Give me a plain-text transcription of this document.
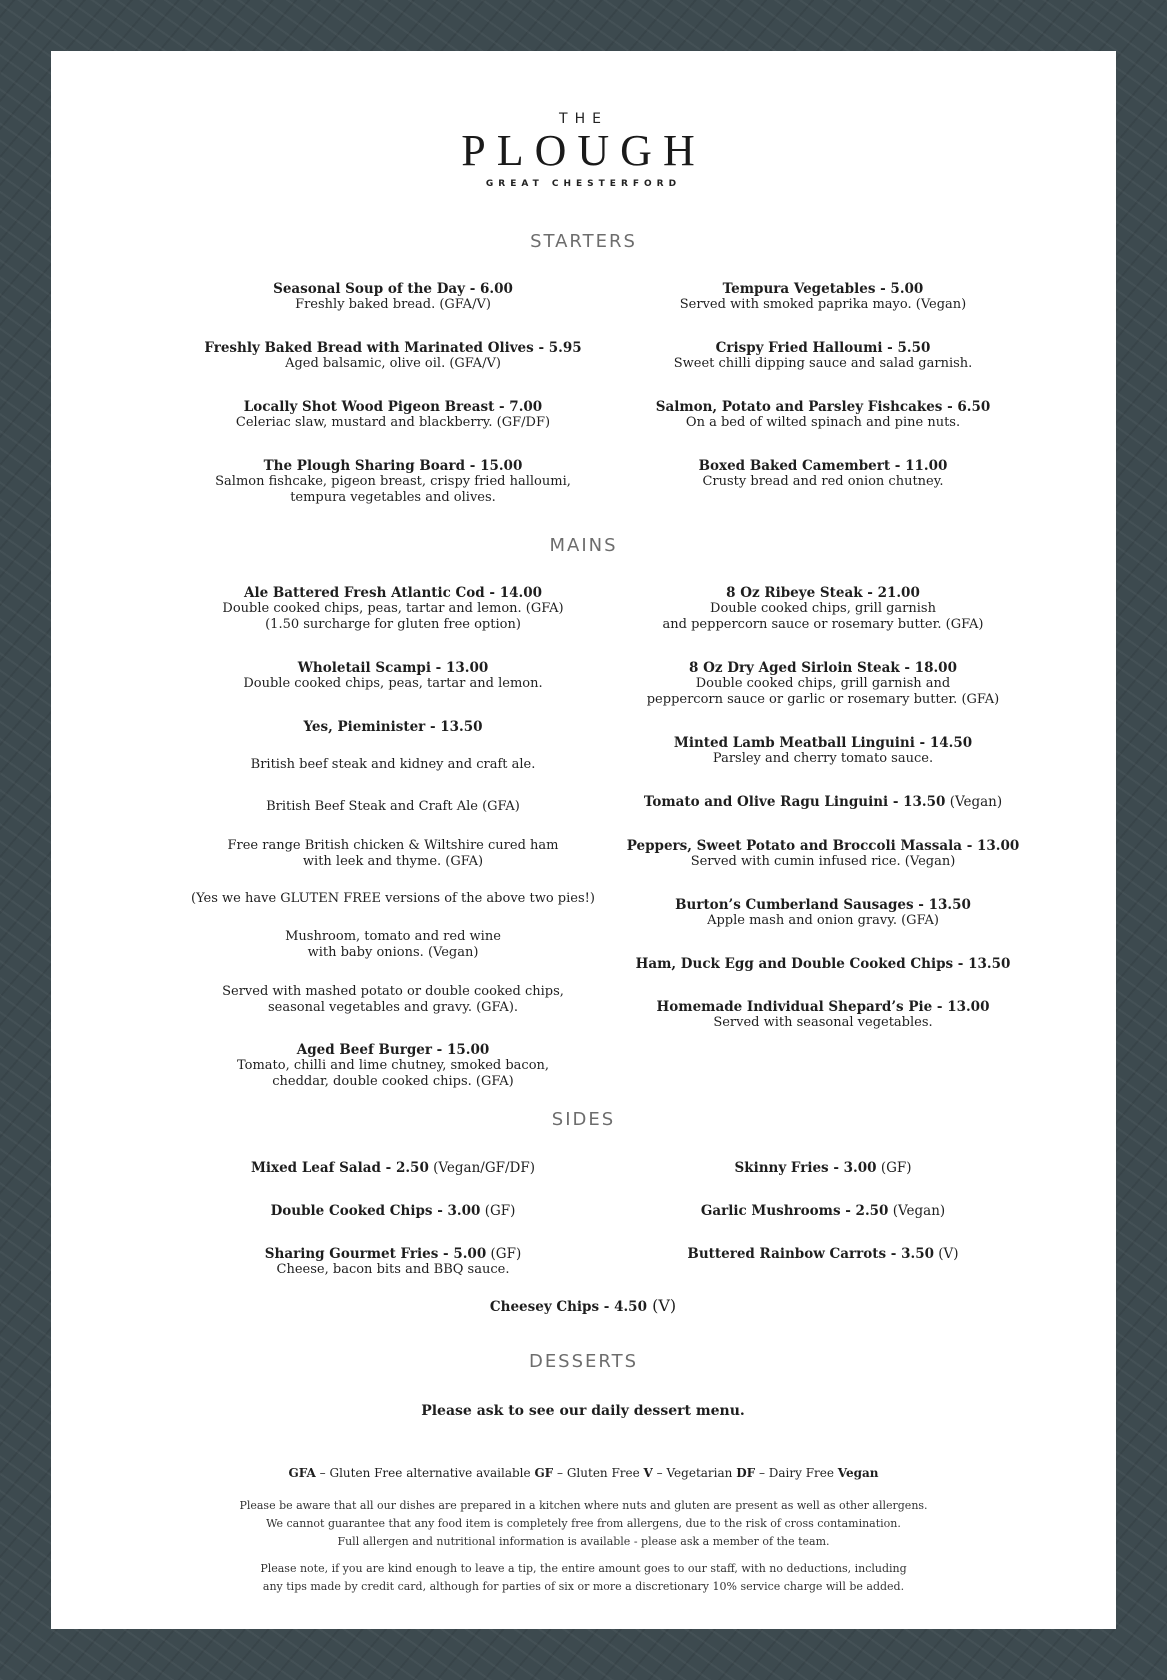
THE
PLOUGH
GREAT CHESTERFORD
STARTERS
Seasonal Soup of the Day - 6.00
Freshly baked bread. (GFA/V)
Freshly Baked Bread with Marinated Olives - 5.95
Aged balsamic, olive oil. (GFA/V)
Locally Shot Wood Pigeon Breast - 7.00
Celeriac slaw, mustard and blackberry. (GF/DF)
The Plough Sharing Board - 15.00
Salmon fishcake, pigeon breast, crispy fried halloumi,
tempura vegetables and olives.
Tempura Vegetables - 5.00
Served with smoked paprika mayo. (Vegan)
Crispy Fried Halloumi - 5.50
Sweet chilli dipping sauce and salad garnish.
Salmon, Potato and Parsley Fishcakes - 6.50
On a bed of wilted spinach and pine nuts.
Boxed Baked Camembert - 11.00
Crusty bread and red onion chutney.
MAINS
Ale Battered Fresh Atlantic Cod - 14.00
Double cooked chips, peas, tartar and lemon. (GFA)
(1.50 surcharge for gluten free option)
Wholetail Scampi - 13.00
Double cooked chips, peas, tartar and lemon.
Yes, Pieminister - 13.50
British beef steak and kidney and craft ale.
British Beef Steak and Craft Ale (GFA)
Free range British chicken & Wiltshire cured ham
with leek and thyme. (GFA)
(Yes we have GLUTEN FREE versions of the above two pies!)
Mushroom, tomato and red wine
with baby onions. (Vegan)
Served with mashed potato or double cooked chips,
seasonal vegetables and gravy. (GFA).
Aged Beef Burger - 15.00
Tomato, chilli and lime chutney, smoked bacon,
cheddar, double cooked chips. (GFA)
8 Oz Ribeye Steak - 21.00
Double cooked chips, grill garnish
and peppercorn sauce or rosemary butter. (GFA)
8 Oz Dry Aged Sirloin Steak - 18.00
Double cooked chips, grill garnish and
peppercorn sauce or garlic or rosemary butter. (GFA)
Minted Lamb Meatball Linguini - 14.50
Parsley and cherry tomato sauce.
Tomato and Olive Ragu Linguini - 13.50 (Vegan)
Peppers, Sweet Potato and Broccoli Massala - 13.00
Served with cumin infused rice. (Vegan)
Burton’s Cumberland Sausages - 13.50
Apple mash and onion gravy. (GFA)
Ham, Duck Egg and Double Cooked Chips - 13.50
Homemade Individual Shepard’s Pie - 13.00
Served with seasonal vegetables.
SIDES
Mixed Leaf Salad - 2.50 (Vegan/GF/DF)
Double Cooked Chips - 3.00 (GF)
Sharing Gourmet Fries - 5.00 (GF)
Cheese, bacon bits and BBQ sauce.
Skinny Fries - 3.00 (GF)
Garlic Mushrooms - 2.50 (Vegan)
Buttered Rainbow Carrots - 3.50 (V)
Cheesey Chips - 4.50 (V)
DESSERTS
Please ask to see our daily dessert menu.
GFA – Gluten Free alternative available GF – Gluten Free V – Vegetarian DF – Dairy Free Vegan
Please be aware that all our dishes are prepared in a kitchen where nuts and gluten are present as well as other allergens.
We cannot guarantee that any food item is completely free from allergens, due to the risk of cross contamination.
Full allergen and nutritional information is available - please ask a member of the team.
Please note, if you are kind enough to leave a tip, the entire amount goes to our staff, with no deductions, including
any tips made by credit card, although for parties of six or more a discretionary 10% service charge will be added.
